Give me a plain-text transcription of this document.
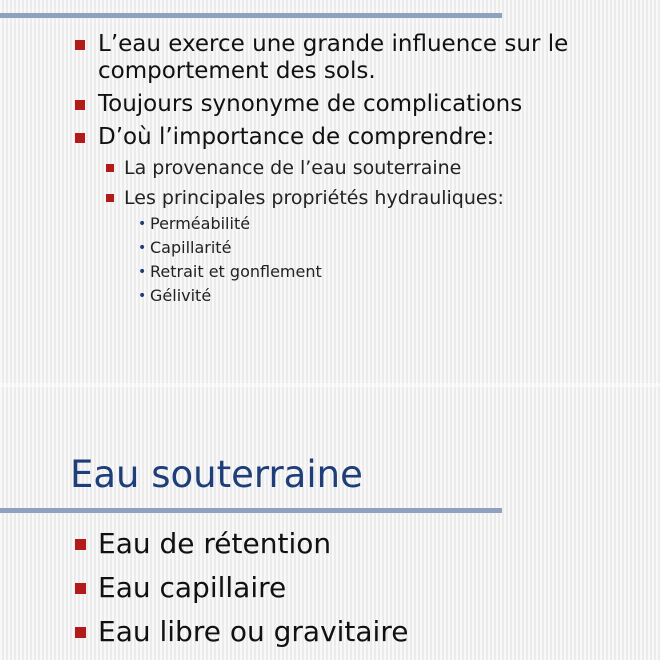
L’eau exerce une grande influence sur le comportement des sols.
Toujours synonyme de complications
D’où l’importance de comprendre:
La provenance de l’eau souterraine
Les principales propriétés hydrauliques:
• Perméabilité
• Capillarité
• Retrait et gonflement
• Gélivité
Eau souterraine
Eau de rétention
Eau capillaire
Eau libre ou gravitaire
